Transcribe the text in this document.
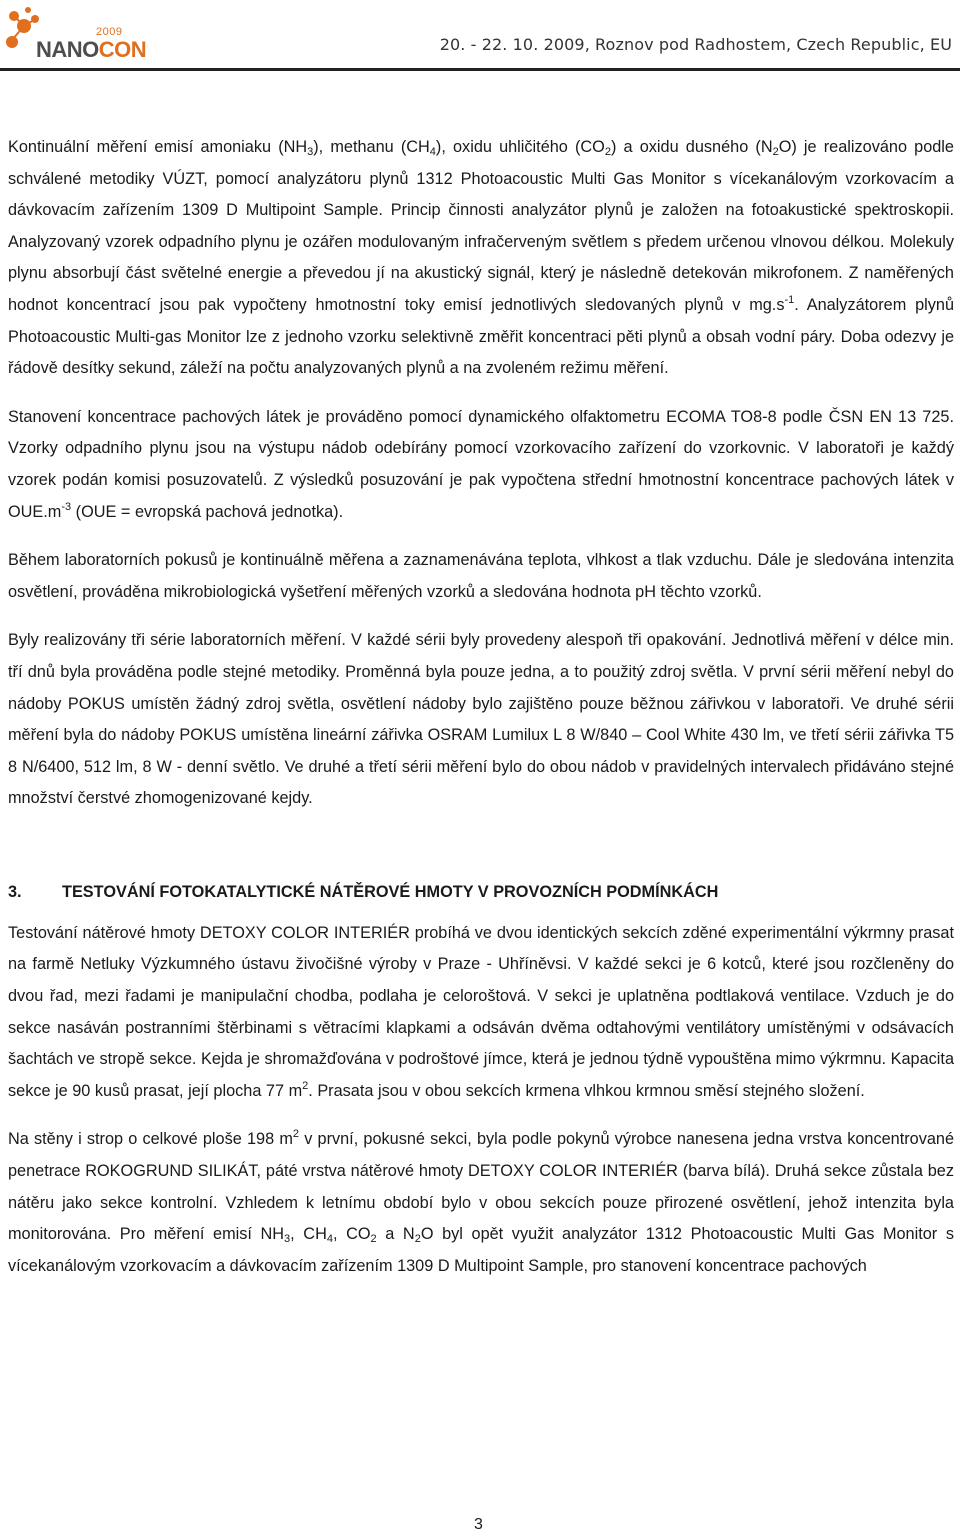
2009
NANOCON	20. - 22. 10. 2009, Roznov pod Radhostem, Czech Republic, EU

Kontinuální měření emisí amoniaku $(NH_3)$, methanu $(CH_4)$, oxidu uhličitého $(CO_2)$ a oxidu dusného $(N_2O)$ je realizováno podle schválené metodiky VÚZT, pomocí analyzátoru plynů 1312 Photoacoustic Multi Gas Monitor s vícekanálovým vzorkovacím a dávkovacím zařízením 1309 D Multipoint Sample. Princip činnosti analyzátor plynů je založen na fotoakustické spektroskopii. Analyzovaný vzorek odpadního plynu je ozářen modulovaným infračerveným světlem s předem určenou vlnovou délkou. Molekuly plynu absorbují část světelné energie a převedou jí na akustický signál, který je následně detekován mikrofonem. Z naměřených hodnot koncentrací jsou pak vypočteny hmotnostní toky emisí jednotlivých sledovaných plynů v $mg.s^{-1}$. Analyzátorem plynů Photoacoustic Multi-gas Monitor lze z jednoho vzorku selektivně změřit koncentraci pěti plynů a obsah vodní páry. Doba odezvy je řádově desítky sekund, záleží na počtu analyzovaných plynů a na zvoleném režimu měření.

Stanovení koncentrace pachových látek je prováděno pomocí dynamického olfaktometru ECOMA TO8-8 podle ČSN EN 13 725. Vzorky odpadního plynu jsou na výstupu nádob odebírány pomocí vzorkovacího zařízení do vzorkovnic. V laboratoři je každý vzorek podán komisi posuzovatelů. Z výsledků posuzování je pak vypočtena střední hmotnostní koncentrace pachových látek v $OUE.m^{-3}$ (OUE = evropská pachová jednotka).

Během laboratorních pokusů je kontinuálně měřena a zaznamenávána teplota, vlhkost a tlak vzduchu. Dále je sledována intenzita osvětlení, prováděna mikrobiologická vyšetření měřených vzorků a sledována hodnota pH těchto vzorků.

Byly realizovány tři série laboratorních měření. V každé sérii byly provedeny alespoň tři opakování. Jednotlivá měření v délce min. tří dnů byla prováděna podle stejné metodiky. Proměnná byla pouze jedna, a to použitý zdroj světla. V první sérii měření nebyl do nádoby POKUS umístěn žádný zdroj světla, osvětlení nádoby bylo zajištěno pouze běžnou zářivkou v laboratoři. Ve druhé sérii měření byla do nádoby POKUS umístěna lineární zářivka OSRAM Lumilux L 8 W/840 – Cool White 430 lm, ve třetí sérii zářivka T5 8 N/6400, 512 lm, 8 W - denní světlo. Ve druhé a třetí sérii měření bylo do obou nádob v pravidelných intervalech přidáváno stejné množství čerstvé zhomogenizované kejdy.

3.	TESTOVÁNÍ FOTOKATALYTICKÉ NÁTĚROVÉ HMOTY V PROVOZNÍCH PODMÍNKÁCH

Testování nátěrové hmoty DETOXY COLOR INTERIÉR probíhá ve dvou identických sekcích zděné experimentální výkrmny prasat na farmě Netluky Výzkumného ústavu živočišné výroby v Praze - Uhříněvsi. V každé sekci je 6 kotců, které jsou rozčleněny do dvou řad, mezi řadami je manipulační chodba, podlaha je celoroštová. V sekci je uplatněna podtlaková ventilace. Vzduch je do sekce nasáván postranními štěrbinami s větracími klapkami a odsáván dvěma odtahovými ventilátory umístěnými v odsávacích šachtách ve stropě sekce. Kejda je shromažďována v podroštové jímce, která je jednou týdně vypouštěna mimo výkrmnu. Kapacita sekce je 90 kusů prasat, její plocha 77 $m^2$. Prasata jsou v obou sekcích krmena vlhkou krmnou směsí stejného složení.

Na stěny i strop o celkové ploše 198 $m^2$ v první, pokusné sekci, byla podle pokynů výrobce nanesena jedna vrstva koncentrované penetrace ROKOGRUND SILIKÁT, páté vrstva nátěrové hmoty DETOXY COLOR INTERIÉR (barva bílá). Druhá sekce zůstala bez nátěru jako sekce kontrolní. Vzhledem k letnímu období bylo v obou sekcích pouze přirozené osvětlení, jehož intenzita byla monitorována. Pro měření emisí $NH_3$, $CH_4$, $CO_2$ a $N_2O$ byl opět využit analyzátor 1312 Photoacoustic Multi Gas Monitor s vícekanálovým vzorkovacím a dávkovacím zařízením 1309 D Multipoint Sample, pro stanovení koncentrace pachových

3
